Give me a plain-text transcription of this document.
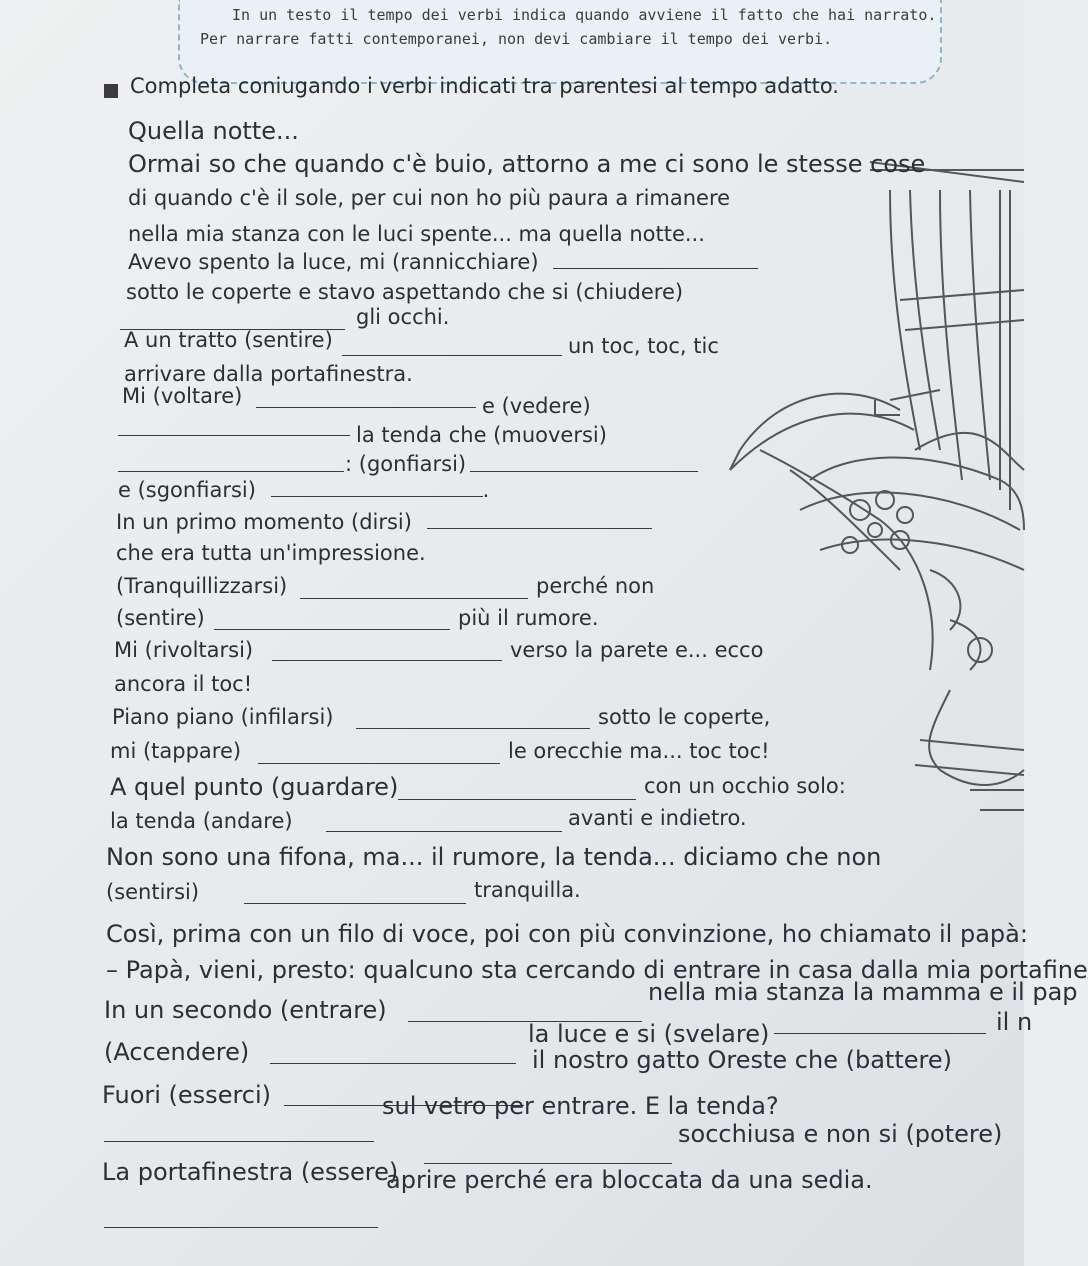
In un testo il tempo dei verbi indica quando avviene il fatto che hai narrato.
Per narrare fatti contemporanei, non devi cambiare il tempo dei verbi.
Completa coniugando i verbi indicati tra parentesi al tempo adatto.
Quella notte...
Ormai so che quando c'è buio, attorno a me ci sono le stesse cose
di quando c'è il sole, per cui non ho più paura a rimanere
nella mia stanza con le luci spente... ma quella notte...
Avevo spento la luce, mi (rannicchiare)
sotto le coperte e stavo aspettando che si (chiudere)
gli occhi.
A un tratto (sentire)	un toc, toc, tic
arrivare dalla portafinestra.
Mi (voltare)	e (vedere)
la tenda che (muoversi)
: (gonfiarsi)
e (sgonfiarsi)	.
In un primo momento (dirsi)
che era tutta un'impressione.
(Tranquillizzarsi)	perché non
(sentire)	più il rumore.
Mi (rivoltarsi)	verso la parete e... ecco
ancora il toc!
Piano piano (infilarsi)	sotto le coperte,
mi (tappare)	le orecchie ma... toc toc!
A quel punto (guardare)	con un occhio solo:
la tenda (andare)	avanti e indietro.
Non sono una fifona, ma... il rumore, la tenda... diciamo che non
(sentirsi)	tranquilla.
Così, prima con un filo di voce, poi con più convinzione, ho chiamato il papà:
– Papà, vieni, presto: qualcuno sta cercando di entrare in casa dalla mia portafine
In un secondo (entrare)
nella mia stanza la mamma e il pap
(Accendere)
la luce e si (svelare)	il n
Fuori (esserci)
il nostro gatto Oreste che (battere)
sul vetro per entrare. E la tenda?
La portafinestra (essere)
socchiusa e non si (potere)
aprire perché era bloccata da una sedia.
